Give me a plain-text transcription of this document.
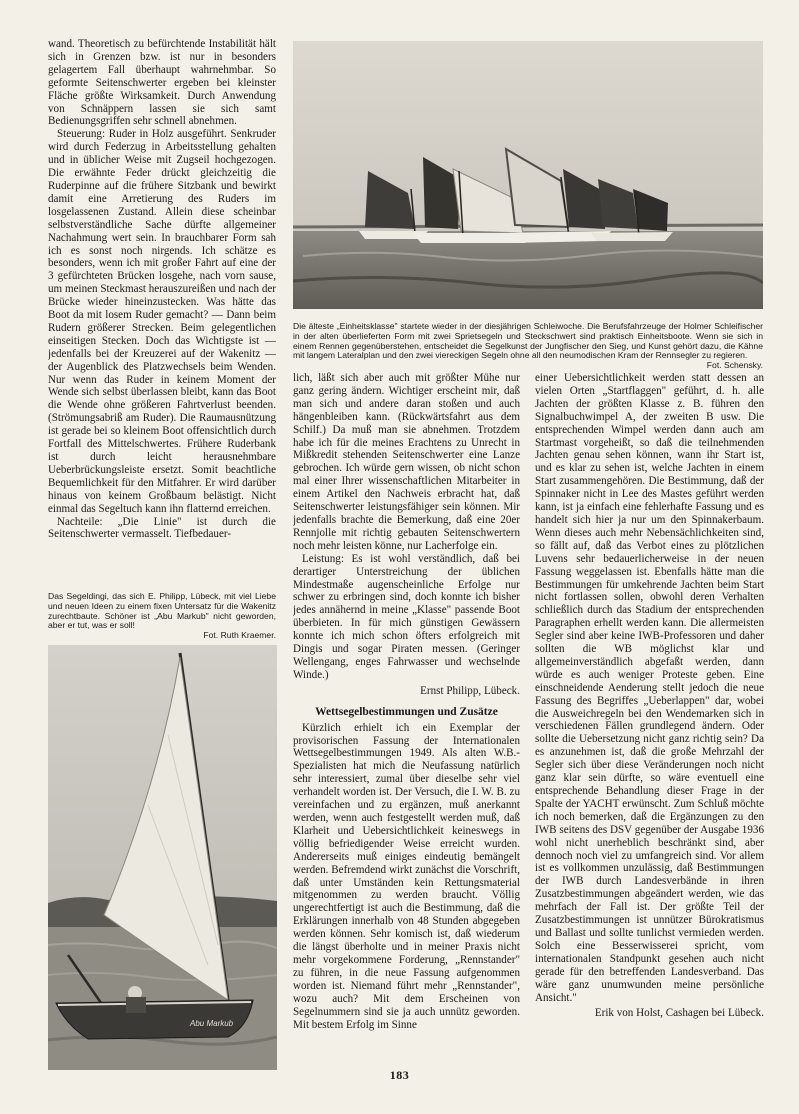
wand. Theoretisch zu befürchtende Instabilität hält sich in Grenzen bzw. ist nur in besonders gelagertem Fall überhaupt wahrnehmbar. So geformte Seitenschwerter ergeben bei kleinster Fläche größte Wirksamkeit. Durch Anwendung von Schnäppern lassen sie sich samt Bedienungsgriffen sehr schnell abnehmen.

Steuerung: Ruder in Holz ausgeführt. Senkruder wird durch Federzug in Arbeitsstellung gehalten und in üblicher Weise mit Zugseil hochgezogen. Die erwähnte Feder drückt gleichzeitig die Ruderpinne auf die frühere Sitzbank und bewirkt damit eine Arretierung des Ruders im losgelassenen Zustand. Allein diese scheinbar selbstverständliche Sache dürfte allgemeiner Nachahmung wert sein. In brauchbarer Form sah ich es sonst noch nirgends. Ich schätze es besonders, wenn ich mit großer Fahrt auf eine der 3 gefürchteten Brücken losgehe, nach vorn sause, um meinen Steckmast herauszureißen und nach der Brücke wieder hineinzustecken. Was hätte das Boot da mit losem Ruder gemacht? — Dann beim Rudern größerer Strecken. Beim gelegentlichen einseitigen Stecken. Doch das Wichtigste ist — jedenfalls bei der Kreuzerei auf der Wakenitz — der Augenblick des Platzwechsels beim Wenden. Nur wenn das Ruder in keinem Moment der Wende sich selbst überlassen bleibt, kann das Boot die Wende ohne größeren Fahrtverlust beenden. (Strömungsabriß am Ruder). Die Raumausnützung ist gerade bei so kleinem Boot offensichtlich durch Fortfall des Mittelschwertes. Frühere Ruderbank ist durch leicht herausnehmbare Ueberbrückungsleiste ersetzt. Somit beachtliche Bequemlichkeit für den Mitfahrer. Er wird darüber hinaus von keinem Großbaum belästigt. Nicht einmal das Segeltuch kann ihn flatternd erreichen.

Nachteile: „Die Linie" ist durch die Seitenschwerter vermasselt. Tiefbedauer-

Das Segeldingi, das sich E. Philipp, Lübeck, mit viel Liebe und neuen Ideen zu einem fixen Untersatz für die Wakenitz zurechtbaute. Schöner ist „Abu Markub" nicht geworden, aber er tut, was er soll!
Fot. Ruth Kraemer.
Abu Markub
Die älteste „Einheitsklasse" startete wieder in der diesjährigen Schleiwoche. Die Berufsfahrzeuge der Holmer Schleifischer in der alten überlieferten Form mit zwei Sprietsegeln und Steckschwert sind praktisch Einheitsboote. Wenn sie sich in einem Rennen gegenüberstehen, entscheidet die Segelkunst der Jungfischer den Sieg, und Kunst gehört dazu, die Kähne mit langem Lateralplan und den zwei viereckigen Segeln ohne all den neumodischen Kram der Rennsegler zu regieren.
Fot. Schensky.

lich, läßt sich aber auch mit größter Mühe nur ganz gering ändern. Wichtiger erscheint mir, daß man sich und andere daran stoßen und auch hängenbleiben kann. (Rückwärtsfahrt aus dem Schilf.) Da muß man sie abnehmen. Trotzdem habe ich für die meines Erachtens zu Unrecht in Mißkredit stehenden Seitenschwerter eine Lanze gebrochen. Ich würde gern wissen, ob nicht schon mal einer Ihrer wissenschaftlichen Mitarbeiter in einem Artikel den Nachweis erbracht hat, daß Seitenschwerter leistungsfähiger sein können. Mir jedenfalls brachte die Bemerkung, daß eine 20er Rennjolle mit richtig gebauten Seitenschwertern noch mehr leisten könne, nur Lacherfolge ein.

Leistung: Es ist wohl verständlich, daß bei derartiger Unterstreichung der üblichen Mindestmaße augenscheinliche Erfolge nur schwer zu erbringen sind, doch konnte ich bisher jedes annähernd in meine „Klasse" passende Boot überbieten. In für mich günstigen Gewässern konnte ich mich schon öfters erfolgreich mit Dingis und sogar Piraten messen. (Geringer Wellengang, enges Fahrwasser und wechselnde Winde.)

Ernst Philipp, Lübeck.

Wettsegelbestimmungen und Zusätze

Kürzlich erhielt ich ein Exemplar der provisorischen Fassung der Internationalen Wettsegelbestimmungen 1949. Als alten W.B.-Spezialisten hat mich die Neufassung natürlich sehr interessiert, zumal über dieselbe sehr viel verhandelt worden ist. Der Versuch, die I. W. B. zu vereinfachen und zu ergänzen, muß anerkannt werden, wenn auch festgestellt werden muß, daß Klarheit und Uebersichtlichkeit keineswegs in völlig befriedigender Weise erreicht wurden. Andererseits muß einiges eindeutig bemängelt werden. Befremdend wirkt zunächst die Vorschrift, daß unter Umständen kein Rettungsmaterial mitgenommen zu werden braucht. Völlig ungerechtfertigt ist auch die Bestimmung, daß die Erklärungen innerhalb von 48 Stunden abgegeben werden können. Sehr komisch ist, daß wiederum die längst überholte und in meiner Praxis nicht mehr vorgekommene Forderung, „Rennstander" zu führen, in die neue Fassung aufgenommen worden ist. Niemand führt mehr „Rennstander", wozu auch? Mit dem Erscheinen von Segelnummern sind sie ja auch unnütz geworden. Mit bestem Erfolg im Sinne

einer Uebersichtlichkeit werden statt dessen an vielen Orten „Startflaggen" geführt, d. h. alle Jachten der größten Klasse z. B. führen den Signalbuchwimpel A, der zweiten B usw. Die entsprechenden Wimpel werden dann auch am Startmast vorgeheißt, so daß die teilnehmenden Jachten genau sehen können, wann ihr Start ist, und es klar zu sehen ist, welche Jachten in einem Start zusammengehören. Die Bestimmung, daß der Spinnaker nicht in Lee des Mastes geführt werden kann, ist ja einfach eine fehlerhafte Fassung und es handelt sich hier ja nur um den Spinnakerbaum. Wenn dieses auch mehr Nebensächlichkeiten sind, so fällt auf, daß das Verbot eines zu plötzlichen Luvens sehr bedauerlicherweise in der neuen Fassung weggelassen ist. Ebenfalls hätte man die Bestimmungen für umkehrende Jachten beim Start nicht fortlassen sollen, obwohl deren Verhalten schließlich durch das Stadium der entsprechenden Paragraphen erhellt werden kann. Die allermeisten Segler sind aber keine IWB-Professoren und daher sollten die WB möglichst klar und allgemeinverständlich abgefaßt werden, dann würde es auch weniger Proteste geben. Eine einschneidende Aenderung stellt jedoch die neue Fassung des Begriffes „Ueberlappen" dar, wobei die Ausweichregeln bei den Wendemarken sich in verschiedenen Fällen grundlegend ändern. Oder sollte die Uebersetzung nicht ganz richtig sein? Da es anzunehmen ist, daß die große Mehrzahl der Segler sich über diese Veränderungen noch nicht ganz klar sein dürfte, so wäre eventuell eine entsprechende Behandlung dieser Frage in der Spalte der YACHT erwünscht. Zum Schluß möchte ich noch bemerken, daß die Ergänzungen zu den IWB seitens des DSV gegenüber der Ausgabe 1936 wohl nicht unerheblich beschränkt sind, aber dennoch noch viel zu umfangreich sind. Vor allem ist es vollkommen unzulässig, daß Bestimmungen der IWB durch Landesverbände in ihren Zusatzbestimmungen abgeändert werden, wie das mehrfach der Fall ist. Der größte Teil der Zusatzbestimmungen ist unnützer Bürokratismus und Ballast und sollte tunlichst vermieden werden. Solch eine Besserwisserei spricht, vom internationalen Standpunkt gesehen auch nicht gerade für den betreffenden Landesverband. Das wäre ganz unumwunden meine persönliche Ansicht."

Erik von Holst, Cashagen bei Lübeck.

183
